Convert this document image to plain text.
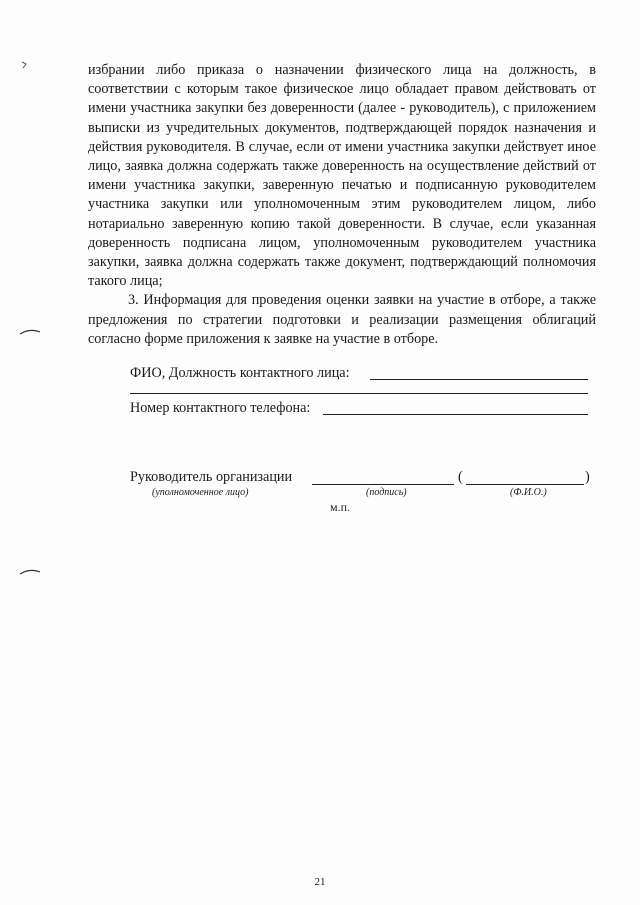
избрании либо приказа о назначении физического лица на должность, в соответствии с которым такое физическое лицо обладает правом действовать от имени участника закупки без доверенности (далее - руководитель), с приложением выписки из учредительных документов, подтверждающей порядок назначения и действия руководителя. В случае, если от имени участника закупки действует иное лицо, заявка должна содержать также доверенность на осуществление действий от имени участника закупки, заверенную печатью и подписанную руководителем участника закупки или уполномоченным этим руководителем лицом, либо нотариально заверенную копию такой доверенности. В случае, если указанная доверенность подписана лицом, уполномоченным руководителем участника закупки, заявка должна содержать также документ, подтверждающий полномочия такого лица;

3. Информация для проведения оценки заявки на участие в отборе, а также предложения по стратегии подготовки и реализации размещения облигаций согласно форме приложения к заявке на участие в отборе.

ФИО, Должность контактного лица:
Номер контактного телефона:
Руководитель организации	(	)
(уполномоченное лицо)	(подпись)	(Ф.И.О.)
м.п.
21
